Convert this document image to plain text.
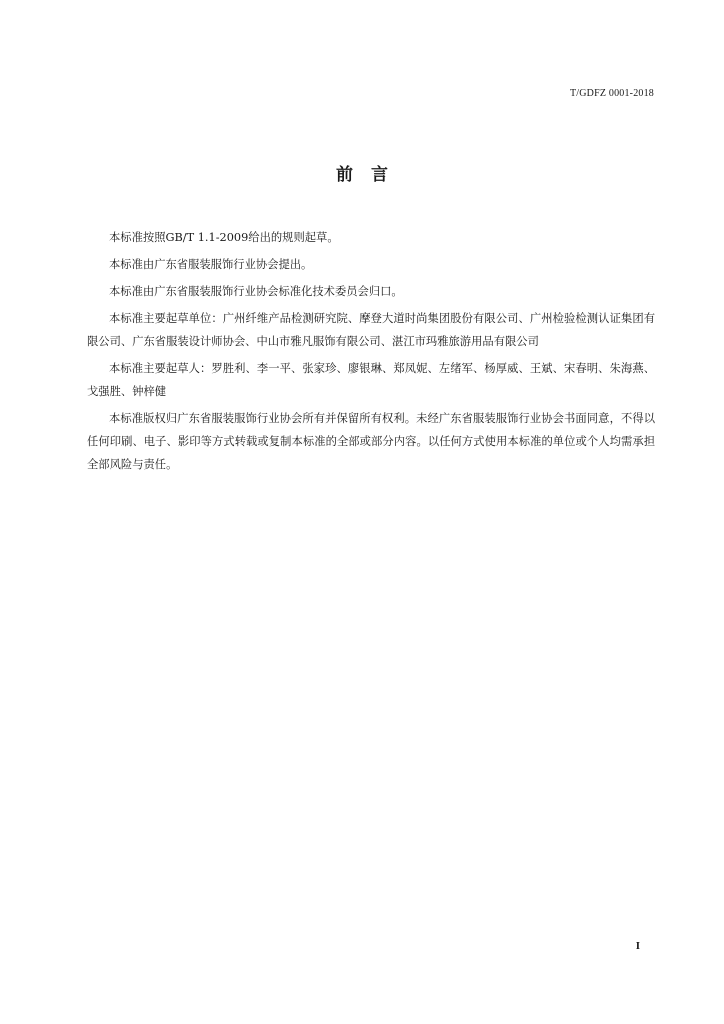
T/GDFZ 0001-2018
前言

本标准按照GB/T 1.1-2009给出的规则起草。

本标准由广东省服装服饰行业协会提出。

本标准由广东省服装服饰行业协会标准化技术委员会归口。

本标准主要起草单位：广州纤维产品检测研究院、摩登大道时尚集团股份有限公司、广州检验检测认证集团有限公司、广东省服装设计师协会、中山市雅凡服饰有限公司、湛江市玛雅旅游用品有限公司

本标准主要起草人：罗胜利、李一平、张家珍、廖银琳、郑凤妮、左绪军、杨厚威、王斌、宋春明、朱海燕、戈强胜、钟梓健

本标准版权归广东省服装服饰行业协会所有并保留所有权利。未经广东省服装服饰行业协会书面同意，不得以任何印刷、电子、影印等方式转载或复制本标准的全部或部分内容。以任何方式使用本标准的单位或个人均需承担全部风险与责任。

I
